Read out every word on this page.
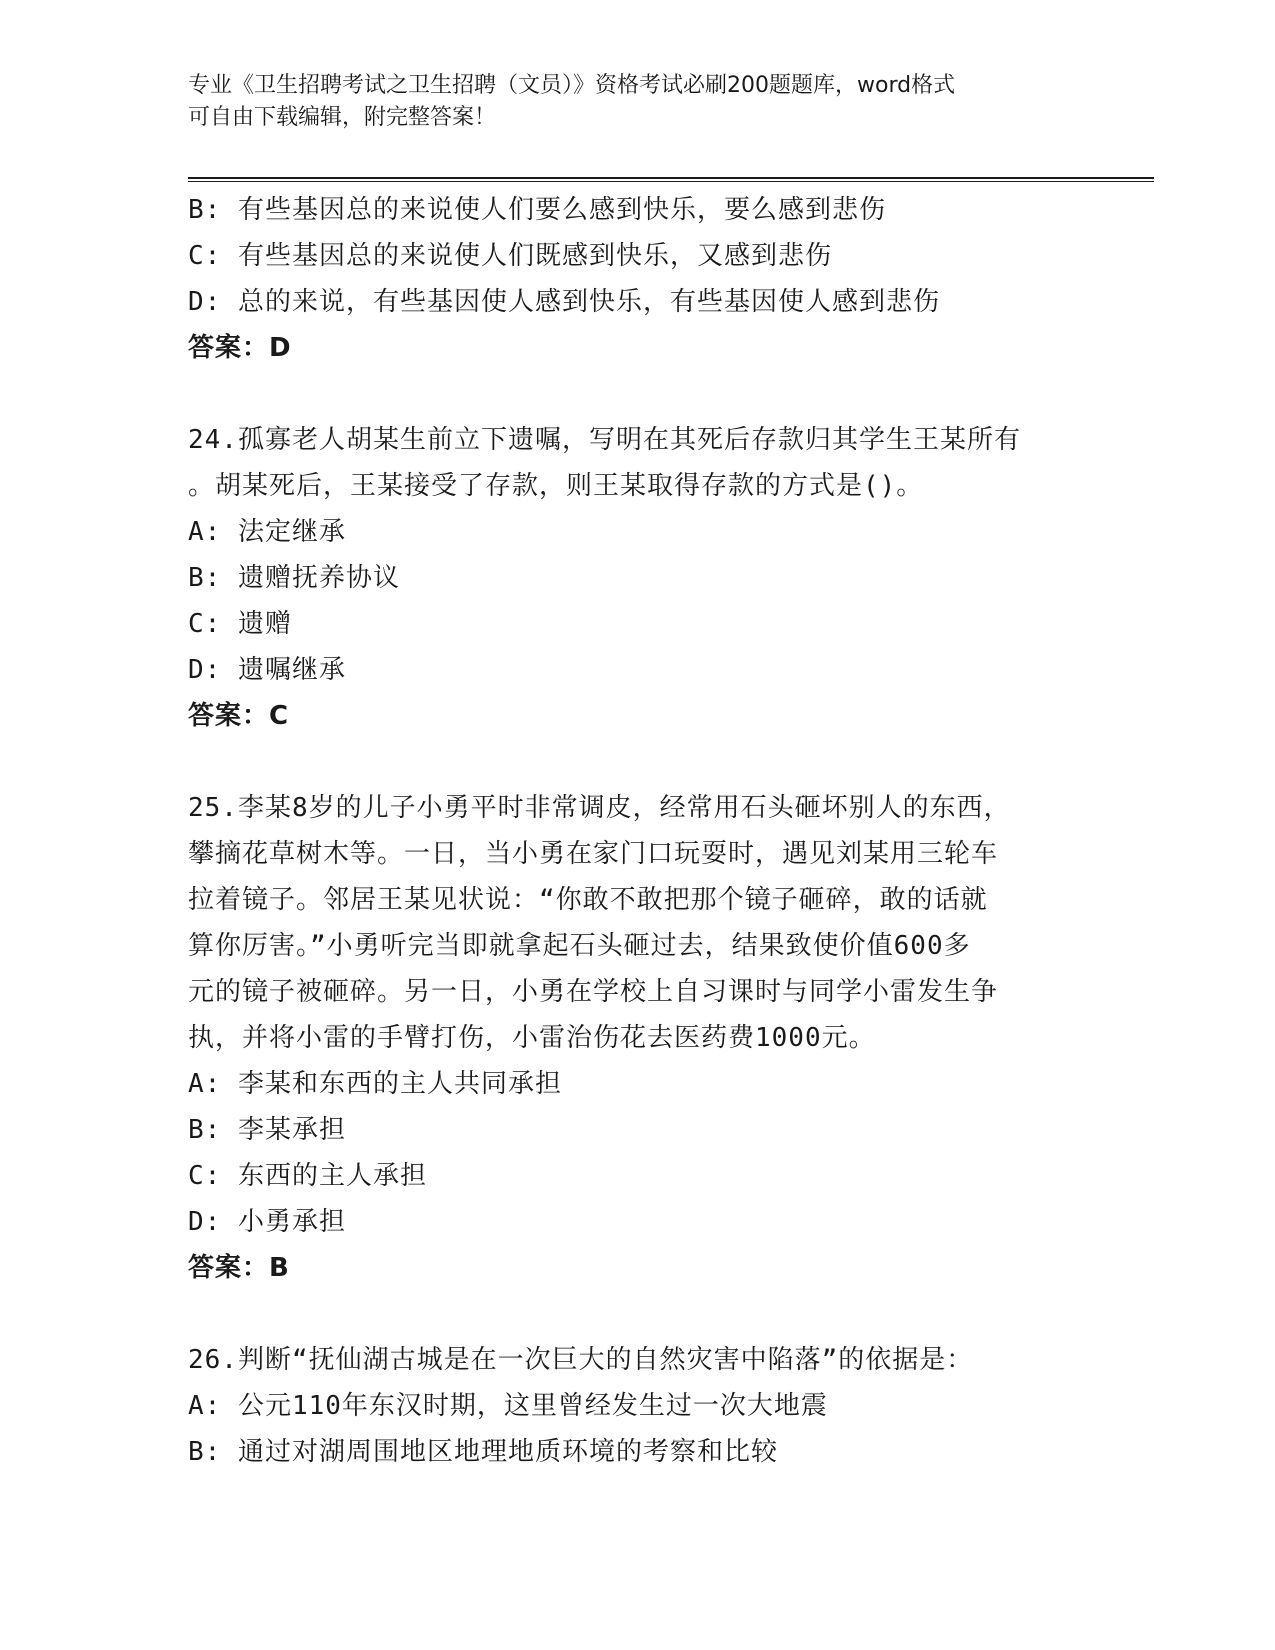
专业《卫生招聘考试之卫生招聘（文员）》资格考试必刷200题题库，word格式
可自由下载编辑，附完整答案！
B: 有些基因总的来说使人们要么感到快乐，要么感到悲伤
C: 有些基因总的来说使人们既感到快乐，又感到悲伤
D: 总的来说，有些基因使人感到快乐，有些基因使人感到悲伤
答案：D
24.孤寡老人胡某生前立下遗嘱，写明在其死后存款归其学生王某所有
。胡某死后，王某接受了存款，则王某取得存款的方式是()。
A: 法定继承
B: 遗赠抚养协议
C: 遗赠
D: 遗嘱继承
答案：C
25.李某8岁的儿子小勇平时非常调皮，经常用石头砸坏别人的东西，
攀摘花草树木等。一日，当小勇在家门口玩耍时，遇见刘某用三轮车
拉着镜子。邻居王某见状说：“你敢不敢把那个镜子砸碎，敢的话就
算你厉害。”小勇听完当即就拿起石头砸过去，结果致使价值600多
元的镜子被砸碎。另一日，小勇在学校上自习课时与同学小雷发生争
执，并将小雷的手臂打伤，小雷治伤花去医药费1000元。
A: 李某和东西的主人共同承担
B: 李某承担
C: 东西的主人承担
D: 小勇承担
答案：B
26.判断“抚仙湖古城是在一次巨大的自然灾害中陷落”的依据是：
A: 公元110年东汉时期，这里曾经发生过一次大地震
B: 通过对湖周围地区地理地质环境的考察和比较
